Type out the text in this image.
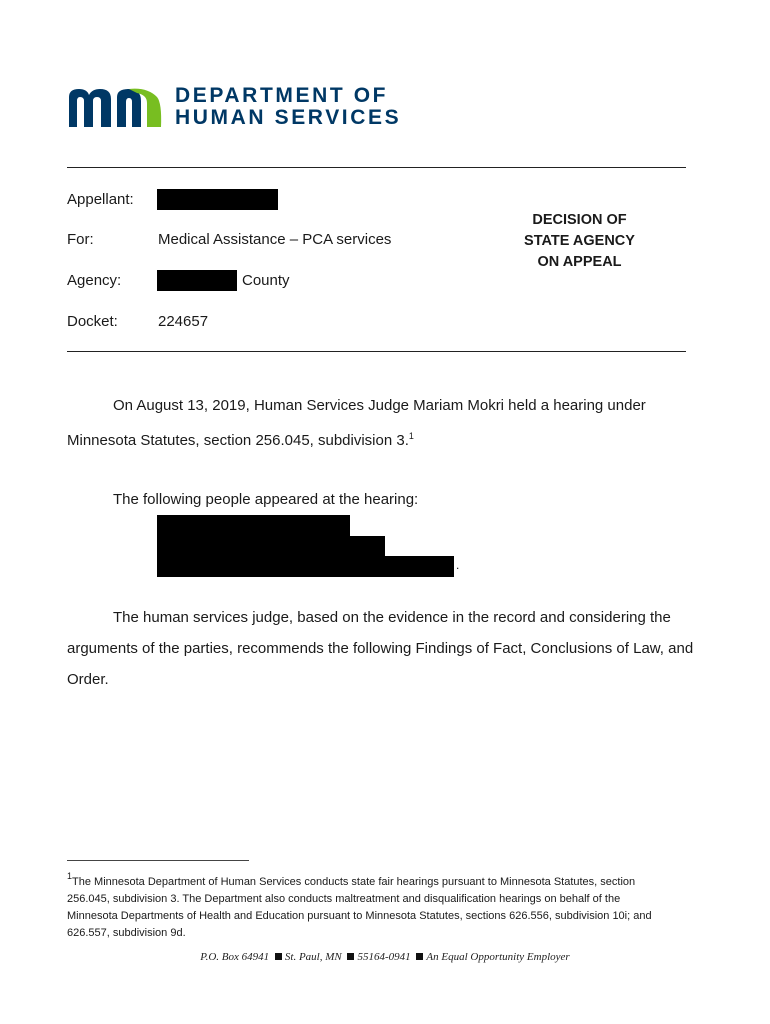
DEPARTMENT OF
HUMAN SERVICES
Appellant:
For:	Medical Assistance – PCA services
Agency:	County
Docket:	224657
DECISION OF
STATE AGENCY
ON APPEAL
On August 13, 2019, Human Services Judge Mariam Mokri held a hearing under
Minnesota Statutes, section 256.045, subdivision 3.$^1$
The following people appeared at the hearing:
.
The human services judge, based on the evidence in the record and considering the
arguments of the parties, recommends the following Findings of Fact, Conclusions of Law, and
Order.
$^1$The Minnesota Department of Human Services conducts state fair hearings pursuant to Minnesota Statutes, section
256.045, subdivision 3. The Department also conducts maltreatment and disqualification hearings on behalf of the
Minnesota Departments of Health and Education pursuant to Minnesota Statutes, sections 626.556, subdivision 10i; and
626.557, subdivision 9d.
P.O. Box 64941 St. Paul, MN 55164-0941 An Equal Opportunity Employer
